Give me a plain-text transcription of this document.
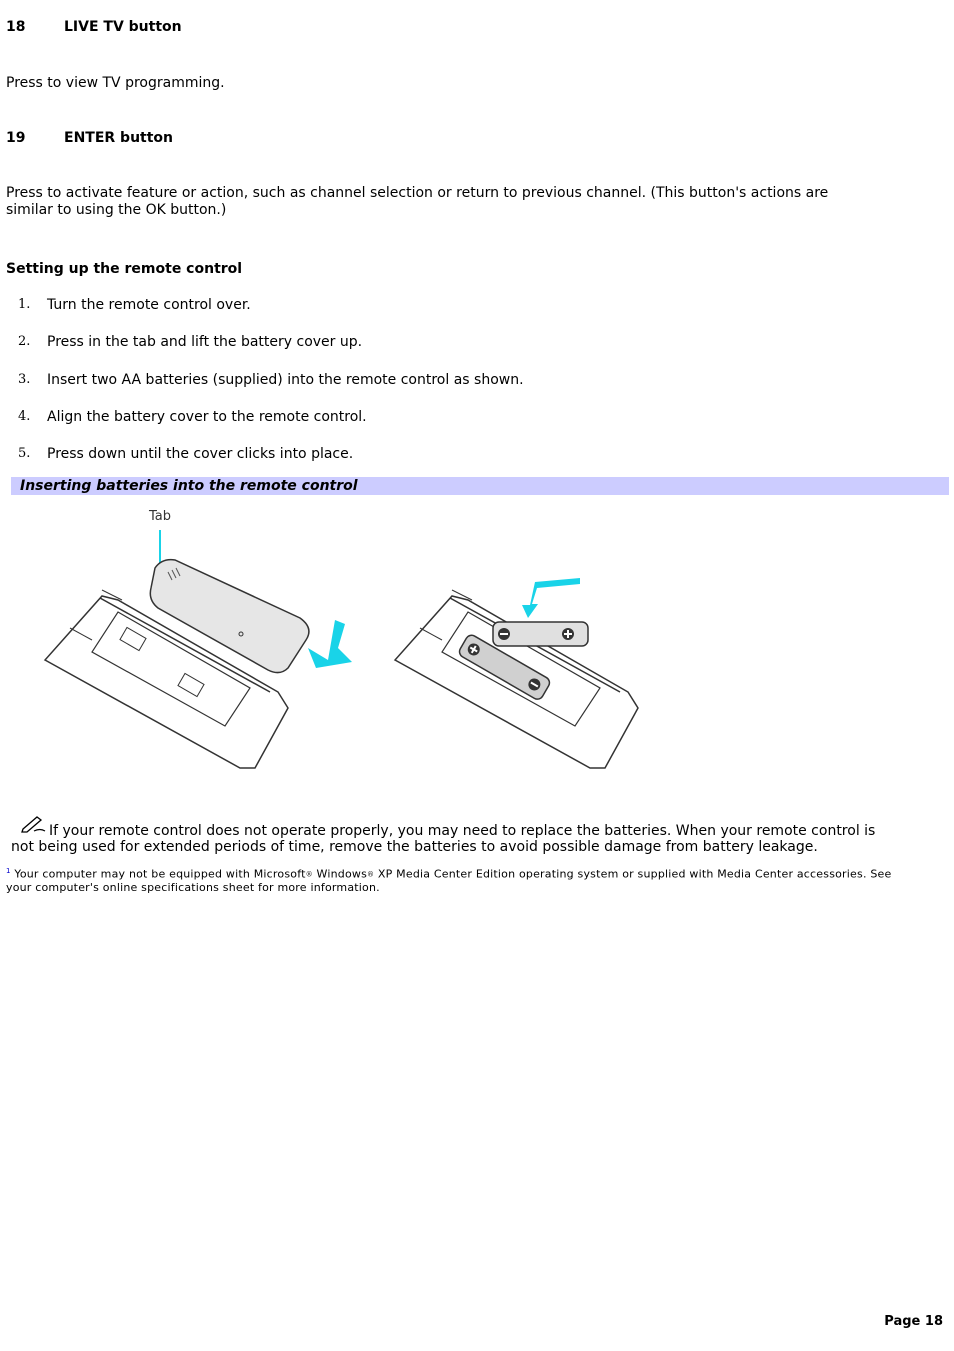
18	LIVE TV button
Press to view TV programming.
19	ENTER button
Press to activate feature or action, such as channel selection or return to previous channel. (This button's actions are
similar to using the OK button.)
Setting up the remote control
1. Turn the remote control over.
2. Press in the tab and lift the battery cover up.
3. Insert two AA batteries (supplied) into the remote control as shown.
4. Align the battery cover to the remote control.
5. Press down until the cover clicks into place.
Inserting batteries into the remote control
Tab
If your remote control does not operate properly, you may need to replace the batteries. When your remote control is
not being used for extended periods of time, remove the batteries to avoid possible damage from battery leakage.
$^1$ Your computer may not be equipped with Microsoft® Windows® XP Media Center Edition operating system or supplied with Media Center accessories. See
your computer's online specifications sheet for more information.
Page 18
